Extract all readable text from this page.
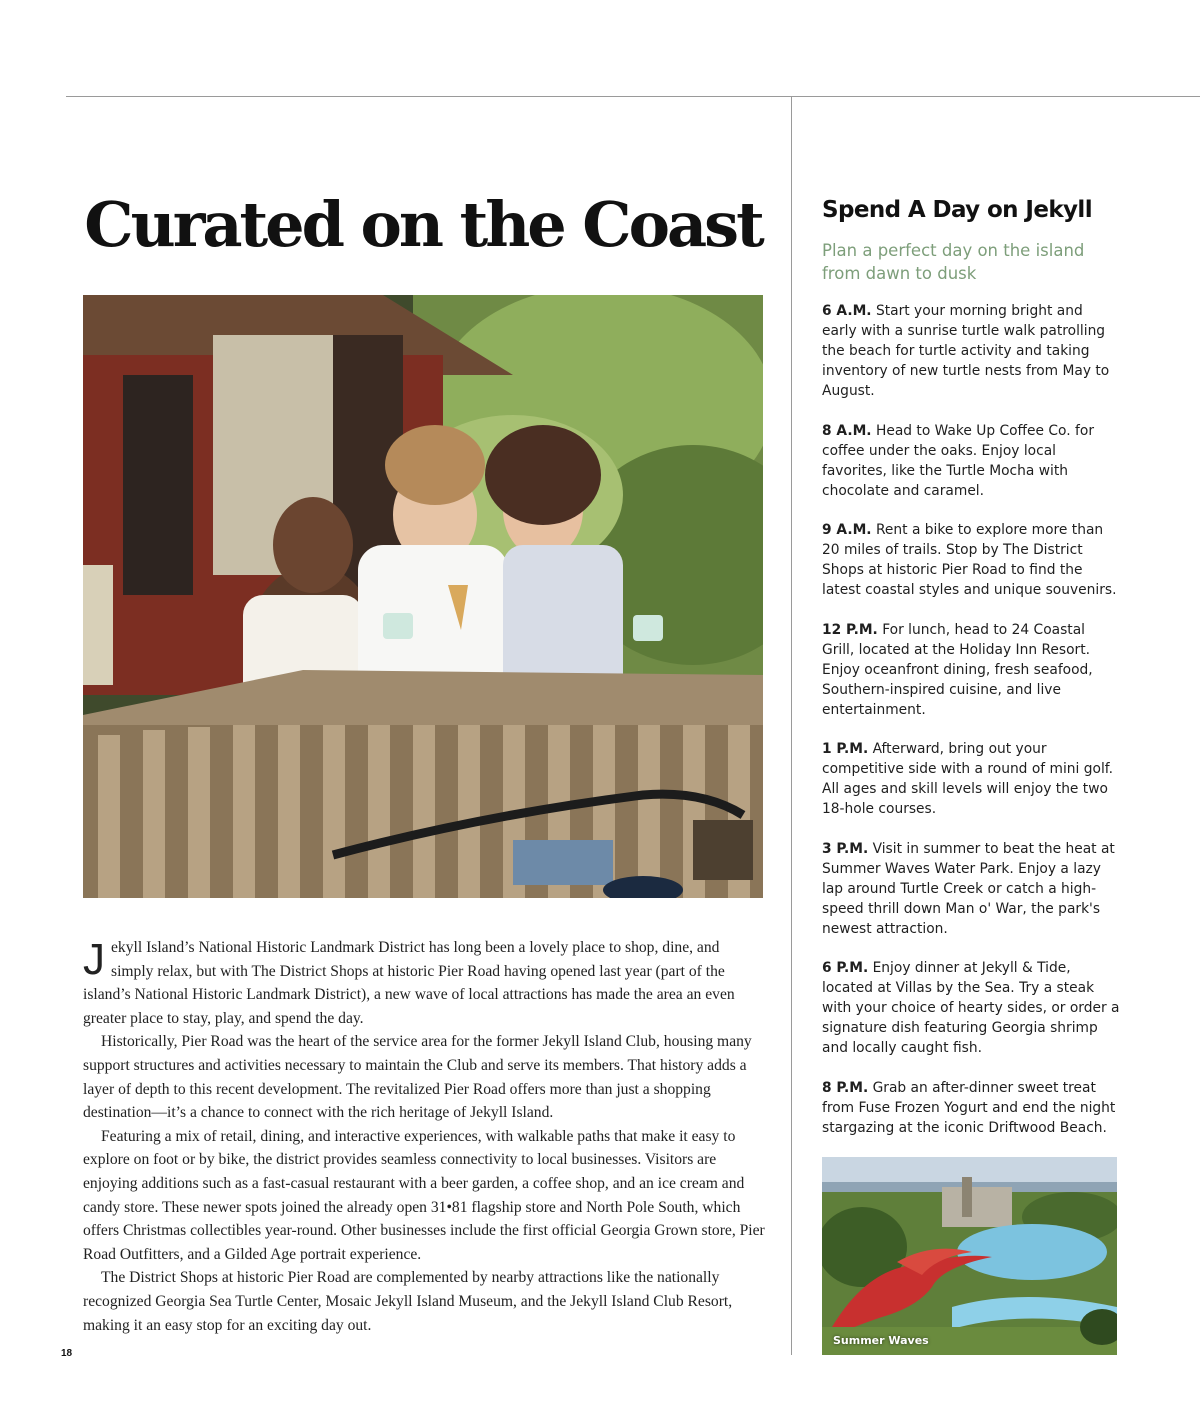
Curated on the Coast

Jekyll Island’s National Historic Landmark District has long been a lovely place to shop, dine, and simply relax, but with The District Shops at historic Pier Road having opened last year (part of the island’s National Historic Landmark District), a new wave of local attractions has made the area an even greater place to stay, play, and spend the day.

Historically, Pier Road was the heart of the service area for the former Jekyll Island Club, housing many support structures and activities necessary to maintain the Club and serve its members. That history adds a layer of depth to this recent development. The revitalized Pier Road offers more than just a shopping destination—it’s a chance to connect with the rich heritage of Jekyll Island.

Featuring a mix of retail, dining, and interactive experiences, with walkable paths that make it easy to explore on foot or by bike, the district provides seamless connectivity to local businesses. Visitors are enjoying additions such as a fast-casual restaurant with a beer garden, a coffee shop, and an ice cream and candy store. These newer spots joined the already open 31•81 flagship store and North Pole South, which offers Christmas collectibles year-round. Other businesses include the first official Georgia Grown store, Pier Road Outfitters, and a Gilded Age portrait experience.

The District Shops at historic Pier Road are complemented by nearby attractions like the nationally recognized Georgia Sea Turtle Center, Mosaic Jekyll Island Museum, and the Jekyll Island Club Resort, making it an easy stop for an exciting day out.

18
Spend A Day on Jekyll

Plan a perfect day on the island from dawn to dusk

6 A.M. Start your morning bright and early with a sunrise turtle walk patrolling the beach for turtle activity and taking inventory of new turtle nests from May to August.

8 A.M. Head to Wake Up Coffee Co. for coffee under the oaks. Enjoy local favorites, like the Turtle Mocha with chocolate and caramel.

9 A.M. Rent a bike to explore more than 20 miles of trails. Stop by The District Shops at historic Pier Road to find the latest coastal styles and unique souvenirs.

12 P.M. For lunch, head to 24 Coastal Grill, located at the Holiday Inn Resort. Enjoy oceanfront dining, fresh seafood, Southern-inspired cuisine, and live entertainment.

1 P.M. Afterward, bring out your competitive side with a round of mini golf. All ages and skill levels will enjoy the two 18-hole courses.

3 P.M. Visit in summer to beat the heat at Summer Waves Water Park. Enjoy a lazy lap around Turtle Creek or catch a high-speed thrill down Man o' War, the park's newest attraction.

6 P.M. Enjoy dinner at Jekyll & Tide, located at Villas by the Sea. Try a steak with your choice of hearty sides, or order a signature dish featuring Georgia shrimp and locally caught fish.

8 P.M. Grab an after-dinner sweet treat from Fuse Frozen Yogurt and end the night stargazing at the iconic Driftwood Beach.

Summer Waves
